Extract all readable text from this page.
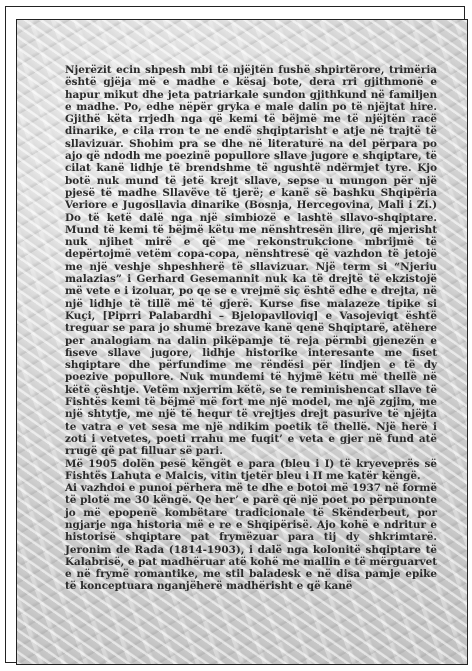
Njerëzit ecin shpesh mbi të njëjtën fushë shpirtërore, trimëria është gjëja më e madhe e kësaj bote, dera rri gjithmonë e hapur mikut dhe jeta patriarkale sundon gjithkund në familjen e madhe. Po, edhe nëpër gryka e male dalin po të njëjtat hire. Gjithë këta rrjedh nga që kemi të bëjmë me të njëjtën racë dinarike, e cila rron te ne endë shqiptarisht e atje në trajtë të sllavizuar. Shohim pra se dhe në literaturë na del përpara po ajo që ndodh me poezinë popullore sllave jugore e shqiptare, të cilat kanë lidhje të brendshme të ngushtë ndërmjet tyre. Kjo botë nuk mund të jetë krejt sllave, sepse u mungon për një pjesë të madhe Sllavëve të tjerë; e kanë së bashku Shqipëria Veriore e Jugosllavia dinarike (Bosnja, Hercegovina, Mali i Zi.) Do të ketë dalë nga një simbiozë e lashtë sllavo-shqiptare. Mund të kemi të bëjmë këtu me nënshtresën ilire, që mjerisht nuk njihet mirë e që me rekonstrukcione mbrijmë të depërtojmë vetëm copa-copa, nënshtresë që vazhdon të jetojë me një veshje shpeshherë të sllavizuar. Një term si “Njeriu malazias” i Gerhard Gesemannit nuk ka të drejtë të ekzistojë më vete e i izoluar, po qe se e vrejmë siç është edhe e drejta, në një lidhje të tillë më të gjerë. Kurse fise malazeze tipike si Kuçi, [Piprri Palabardhi – Bjelopavlloviq] e Vasojeviqt është treguar se para jo shumë brezave kanë qenë Shqiptarë, atëhere per analogiam na dalin pikëpamje të reja përmbi gjenezën e fiseve sllave jugore, lidhje historike interesante me fiset shqiptare dhe përfundime me rëndësi për lindjen e të dy poezive popullore. Nuk mundemi të hyjmë këtu më thellë në këtë çështje. Vetëm nxjerrim këtë, se te reminishencat sllave të Fishtës kemi të bëjmë më fort me një model, me një zgjim, me një shtytje, me një të hequr të vrejtjes drejt pasurive të njëjta te vatra e vet sesa me një ndikim poetik të thellë. Një herë i zoti i vetvetes, poeti rrahu me fuqit’ e veta e gjer në fund atë rrugë që pat filluar së pari.

Më 1905 dolën pesë këngët e para (bleu i I) të kryeveprës së Fishtës Lahuta e Malcis, vitin tjetër bleu i II me katër këngë.

Ai vazhdoi e punoi përhera më te dhe e botoi më 1937 në formë të plotë me 30 këngë. Qe her’ e parë që një poet po përpunonte jo më epopenë kombëtare tradicionale të Skënderbeut, por ngjarje nga historia më e re e Shqipërisë. Ajo kohë e ndritur e historisë shqiptare pat frymëzuar para tij dy shkrimtarë. Jeronim de Rada (1814-1903), i dalë nga kolonitë shqiptare të Kalabrisë, e pat madhëruar atë kohë me mallin e të mërguarvet e në frymë romantike, me stil baladesk e në disa pamje epike të konceptuara nganjëherë madhërisht e që kanë
